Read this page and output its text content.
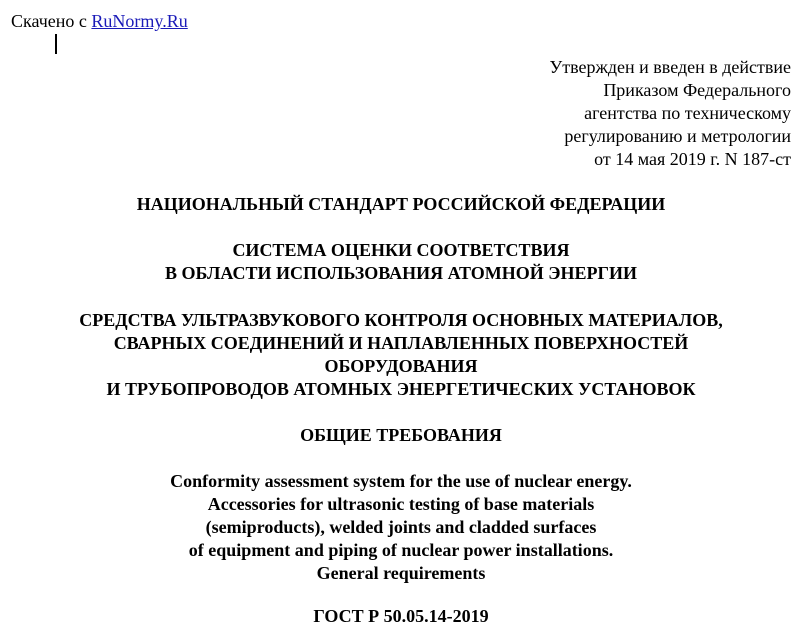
Скачено с RuNormy.Ru
Утвержден и введен в действие
Приказом Федерального
агентства по техническому
регулированию и метрологии
от 14 мая 2019 г. N 187-ст
НАЦИОНАЛЬНЫЙ СТАНДАРТ РОССИЙСКОЙ ФЕДЕРАЦИИ
СИСТЕМА ОЦЕНКИ СООТВЕТСТВИЯ
В ОБЛАСТИ ИСПОЛЬЗОВАНИЯ АТОМНОЙ ЭНЕРГИИ
СРЕДСТВА УЛЬТРАЗВУКОВОГО КОНТРОЛЯ ОСНОВНЫХ МАТЕРИАЛОВ,
СВАРНЫХ СОЕДИНЕНИЙ И НАПЛАВЛЕННЫХ ПОВЕРХНОСТЕЙ
ОБОРУДОВАНИЯ
И ТРУБОПРОВОДОВ АТОМНЫХ ЭНЕРГЕТИЧЕСКИХ УСТАНОВОК
ОБЩИЕ ТРЕБОВАНИЯ
Conformity assessment system for the use of nuclear energy.
Accessories for ultrasonic testing of base materials
(semiproducts), welded joints and cladded surfaces
of equipment and piping of nuclear power installations.
General requirements
ГОСТ Р 50.05.14-2019
